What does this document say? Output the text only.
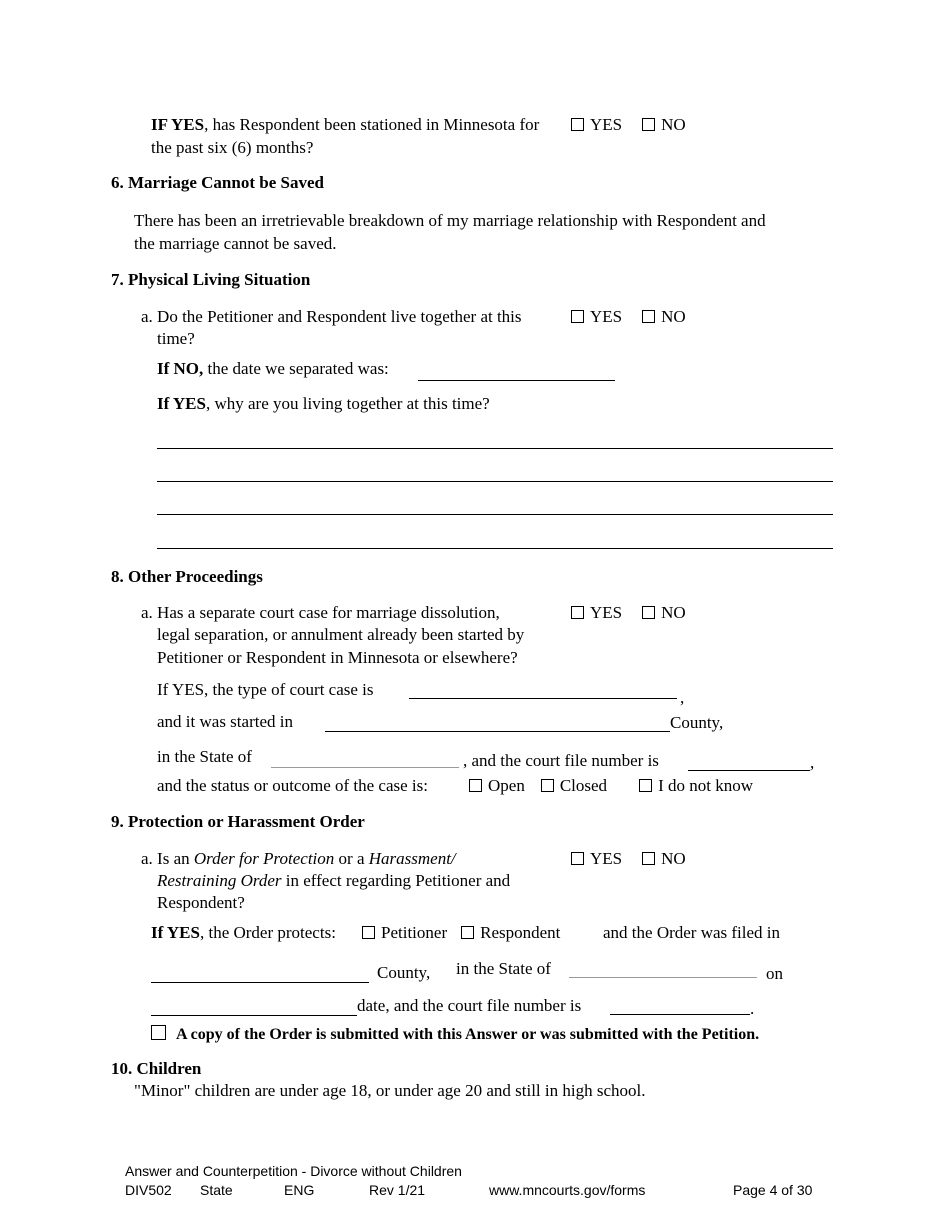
IF YES, has Respondent been stationed in Minnesota for
the past six (6) months?
YES NO
6. Marriage Cannot be Saved
There has been an irretrievable breakdown of my marriage relationship with Respondent and
the marriage cannot be saved.
7. Physical Living Situation
a. Do the Petitioner and Respondent live together at this
time?
YES NO
If NO, the date we separated was:
If YES, why are you living together at this time?
8. Other Proceedings
a. Has a separate court case for marriage dissolution,
legal separation, or annulment already been started by
Petitioner or Respondent in Minnesota or elsewhere?
YES NO
If YES, the type of court case is	,
and it was started in	County,
in the State of	, and the court file number is	,
and the status or outcome of the case is:	Open Closed	I do not know
9. Protection or Harassment Order
a. Is an Order for Protection or a Harassment/
Restraining Order in effect regarding Petitioner and
Respondent?
YES NO
If YES, the Order protects:	Petitioner Respondent	and the Order was filed in
County, in the State of	on
date, and the court file number is	.
A copy of the Order is submitted with this Answer or was submitted with the Petition.
10. Children
"Minor" children are under age 18, or under age 20 and still in high school.
Answer and Counterpetition - Divorce without Children
DIV502 State	ENG	Rev 1/21	www.mncourts.gov/forms	Page 4 of 30
